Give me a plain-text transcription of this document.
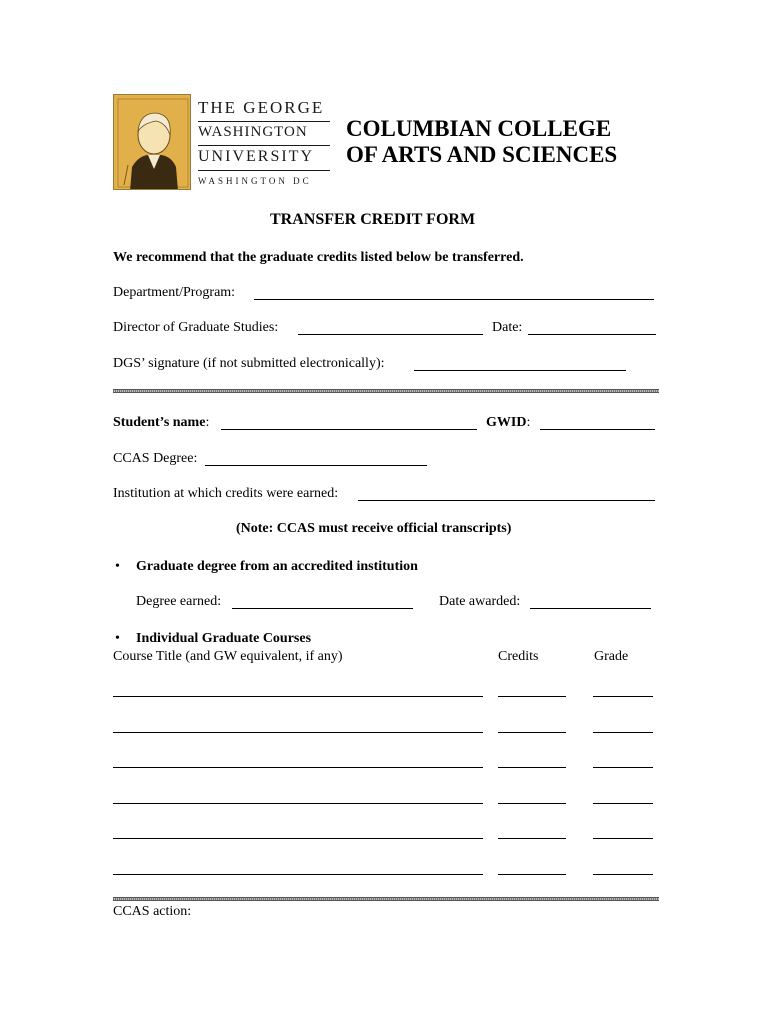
THE GEORGE
WASHINGTON
UNIVERSITY
WASHINGTON DC
COLUMBIAN COLLEGE
OF ARTS AND SCIENCES
TRANSFER CREDIT FORM
We recommend that the graduate credits listed below be transferred.
Department/Program:
Director of Graduate Studies:	Date:
DGS’ signature (if not submitted electronically):
Student’s name:	GWID:
CCAS Degree:
Institution at which credits were earned:
(Note: CCAS must receive official transcripts)
• Graduate degree from an accredited institution
Degree earned:	Date awarded:
• Individual Graduate Courses
Course Title (and GW equivalent, if any)	Credits	Grade
CCAS action:
